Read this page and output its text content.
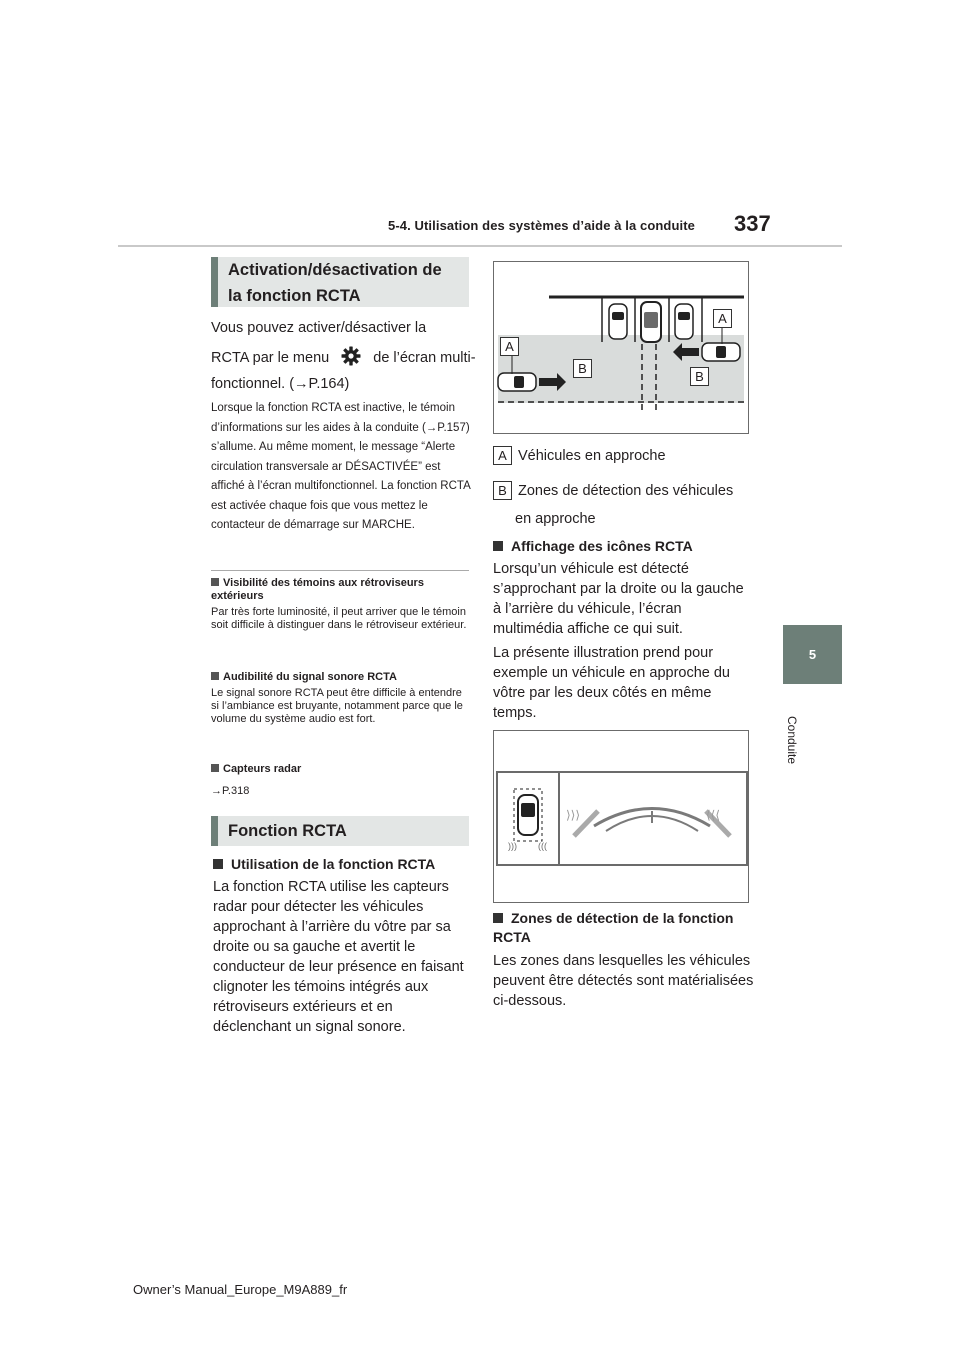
5-4. Utilisation des systèmes d’aide à la conduite 337
5
Conduite
Activation/désactivation de la fonction RCTA
Vous pouvez activer/désactiver la
RCTA par le menu	de l’écran multi-
fonctionnel. (→P.164)
Lorsque la fonction RCTA est inactive, le témoin d’informations sur les aides à la conduite (→P.157) s’allume. Au même moment, le message “Alerte circulation transversale ar DÉSACTIVÉE” est affiché à l’écran multifonctionnel. La fonction RCTA est activée chaque fois que vous mettez le contacteur de démarrage sur MARCHE.
Visibilité des témoins aux rétroviseurs extérieurs
Par très forte luminosité, il peut arriver que le témoin soit difficile à distinguer dans le rétroviseur extérieur.
Audibilité du signal sonore RCTA
Le signal sonore RCTA peut être difficile à entendre si l’ambiance est bruyante, notamment parce que le volume du système audio est fort.
Capteurs radar
→P.318
Fonction RCTA
Utilisation de la fonction RCTA
La fonction RCTA utilise les capteurs radar pour détecter les véhicules approchant à l’arrière du vôtre par sa droite ou sa gauche et avertit le conducteur de leur présence en faisant clignoter les témoins intégrés aux rétroviseurs extérieurs et en déclenchant un signal sonore.
A
A
B
B
A Véhicules en approche
B Zones de détection des véhicules
en approche
Affichage des icônes RCTA
Lorsqu’un véhicule est détecté s’approchant par la droite ou la gauche à l’arrière du véhicule, l’écran multimédia affiche ce qui suit.
La présente illustration prend pour exemple un véhicule en approche du vôtre par les deux côtés en même temps.
))) (((
⟩⟩⟩	⟨⟨⟨
Zones de détection de la fonction RCTA
Les zones dans lesquelles les véhicules peuvent être détectés sont matérialisées ci-dessous.
Owner’s Manual_Europe_M9A889_fr
